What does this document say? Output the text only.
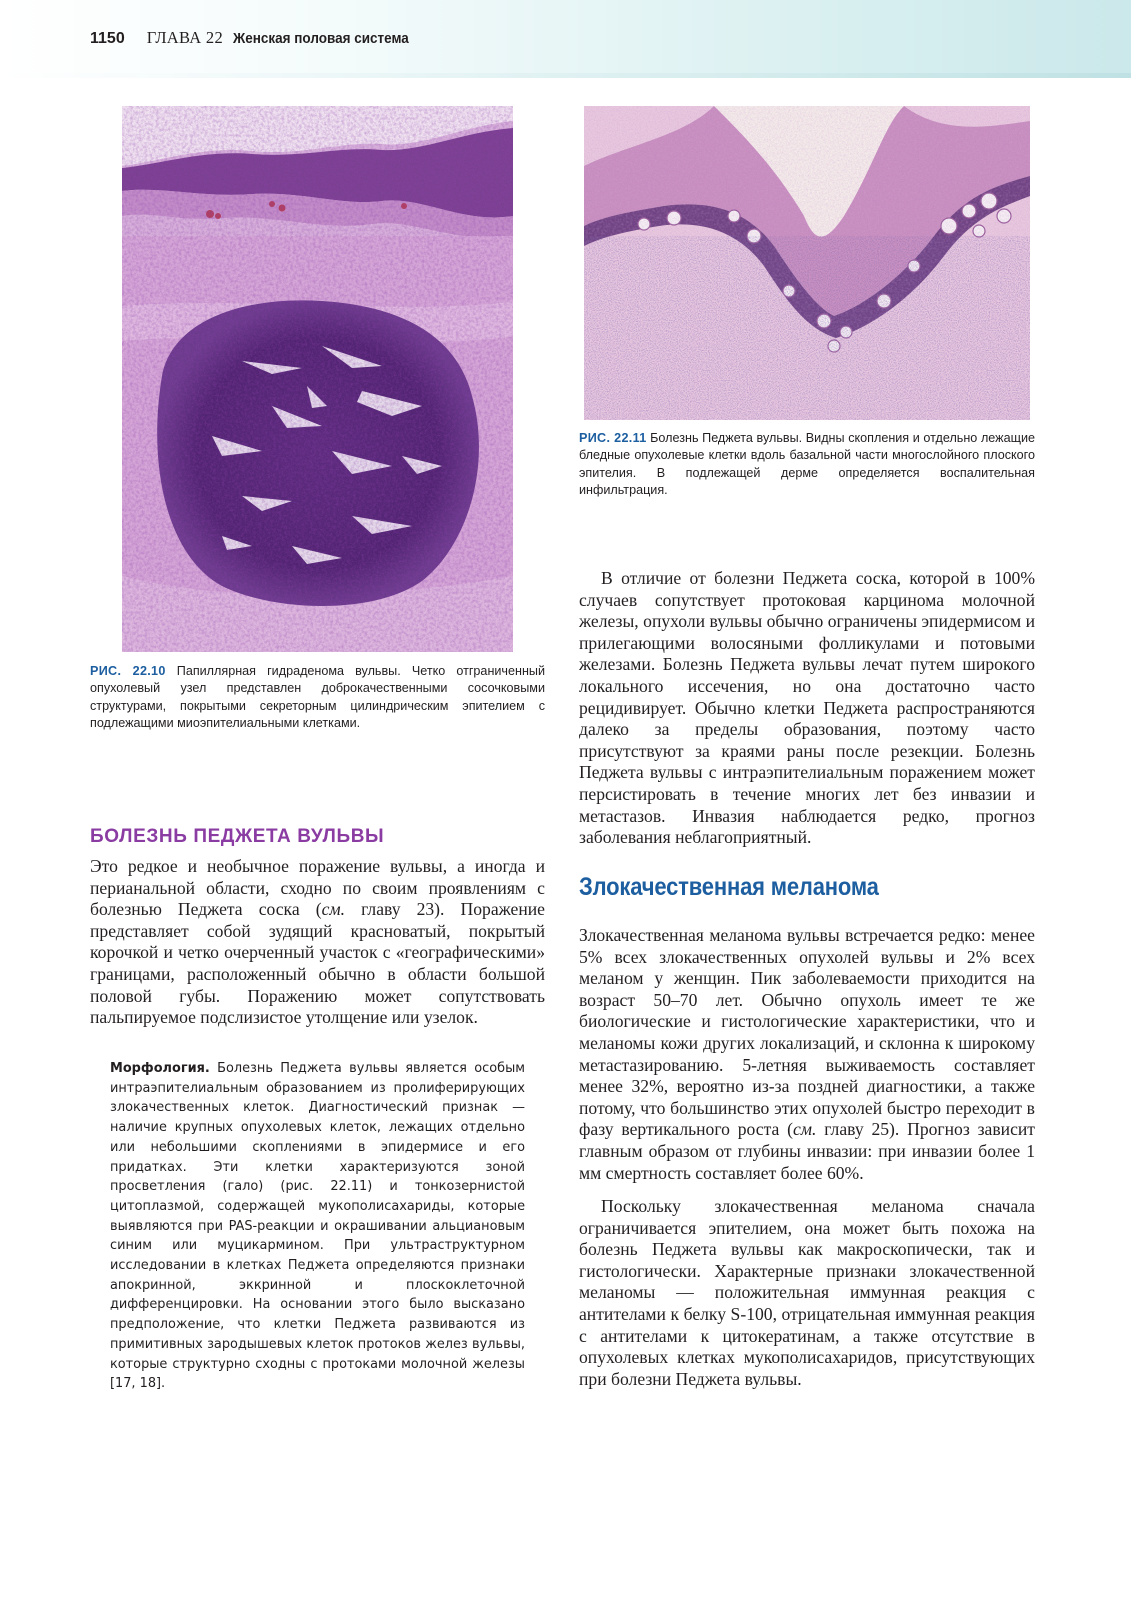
1150 ГЛАВА 22 Женская половая система
РИС. 22.11 Болезнь Педжета вульвы. Видны скопления и отдельно лежащие бледные опухолевые клетки вдоль базальной части многослойного плоского эпителия. В подлежащей дерме определяется воспалительная инфильтрация.
РИС. 22.10 Папиллярная гидраденома вульвы. Четко отграниченный опухолевый узел представлен доброкачественными сосочковыми структурами, покрытыми секреторным цилиндрическим эпителием с подлежащими миоэпителиальными клетками.
БОЛЕЗНЬ ПЕДЖЕТА ВУЛЬВЫ

Это редкое и необычное поражение вульвы, а иногда и перианальной области, сходно по своим проявлениям с болезнью Педжета соска (см. главу 23). Поражение представляет собой зудящий красноватый, покрытый корочкой и четко очерченный участок с «географическими» границами, расположенный обычно в области большой половой губы. Поражению может сопутствовать пальпируемое подслизистое утолщение или узелок.

Морфология. Болезнь Педжета вульвы является особым интраэпителиальным образованием из пролиферирующих злокачественных клеток. Диагностический признак — наличие крупных опухолевых клеток, лежащих отдельно или небольшими скоплениями в эпидермисе и его придатках. Эти клетки характеризуются зоной просветления (гало) (рис. 22.11) и тонкозернистой цитоплазмой, содержащей мукополисахариды, которые выявляются при PAS-реакции и окрашивании альциановым синим или муцикармином. При ультраструктурном исследовании в клетках Педжета определяются признаки апокринной, эккринной и плоскоклеточной дифференцировки. На основании этого было высказано предположение, что клетки Педжета развиваются из примитивных зародышевых клеток протоков желез вульвы, которые структурно сходны с протоками молочной железы [17, 18].

В отличие от болезни Педжета соска, которой в 100% случаев сопутствует протоковая карцинома молочной железы, опухоли вульвы обычно ограничены эпидермисом и прилегающими волосяными фолликулами и потовыми железами. Болезнь Педжета вульвы лечат путем широкого локального иссечения, но она достаточно часто рецидивирует. Обычно клетки Педжета распространяются далеко за пределы образования, поэтому часто присутствуют за краями раны после резекции. Болезнь Педжета вульвы с интраэпителиальным поражением может персистировать в течение многих лет без инвазии и метастазов. Инвазия наблюдается редко, прогноз заболевания неблагоприятный.

Злокачественная меланома

Злокачественная меланома вульвы встречается редко: менее 5% всех злокачественных опухолей вульвы и 2% всех меланом у женщин. Пик заболеваемости приходится на возраст 50–70 лет. Обычно опухоль имеет те же биологические и гистологические характеристики, что и меланомы кожи других локализаций, и склонна к широкому метастазированию. 5-летняя выживаемость составляет менее 32%, вероятно из-за поздней диагностики, а также потому, что большинство этих опухолей быстро переходит в фазу вертикального роста (см. главу 25). Прогноз зависит главным образом от глубины инвазии: при инвазии более 1 мм смертность составляет более 60%.

Поскольку злокачественная меланома сначала ограничивается эпителием, она может быть похожа на болезнь Педжета вульвы как макроскопически, так и гистологически. Характерные признаки злокачественной меланомы — положительная иммунная реакция с антителами к белку S-100, отрицательная иммунная реакция с антителами к цитокератинам, а также отсутствие в опухолевых клетках мукополисахаридов, присутствующих при болезни Педжета вульвы.
